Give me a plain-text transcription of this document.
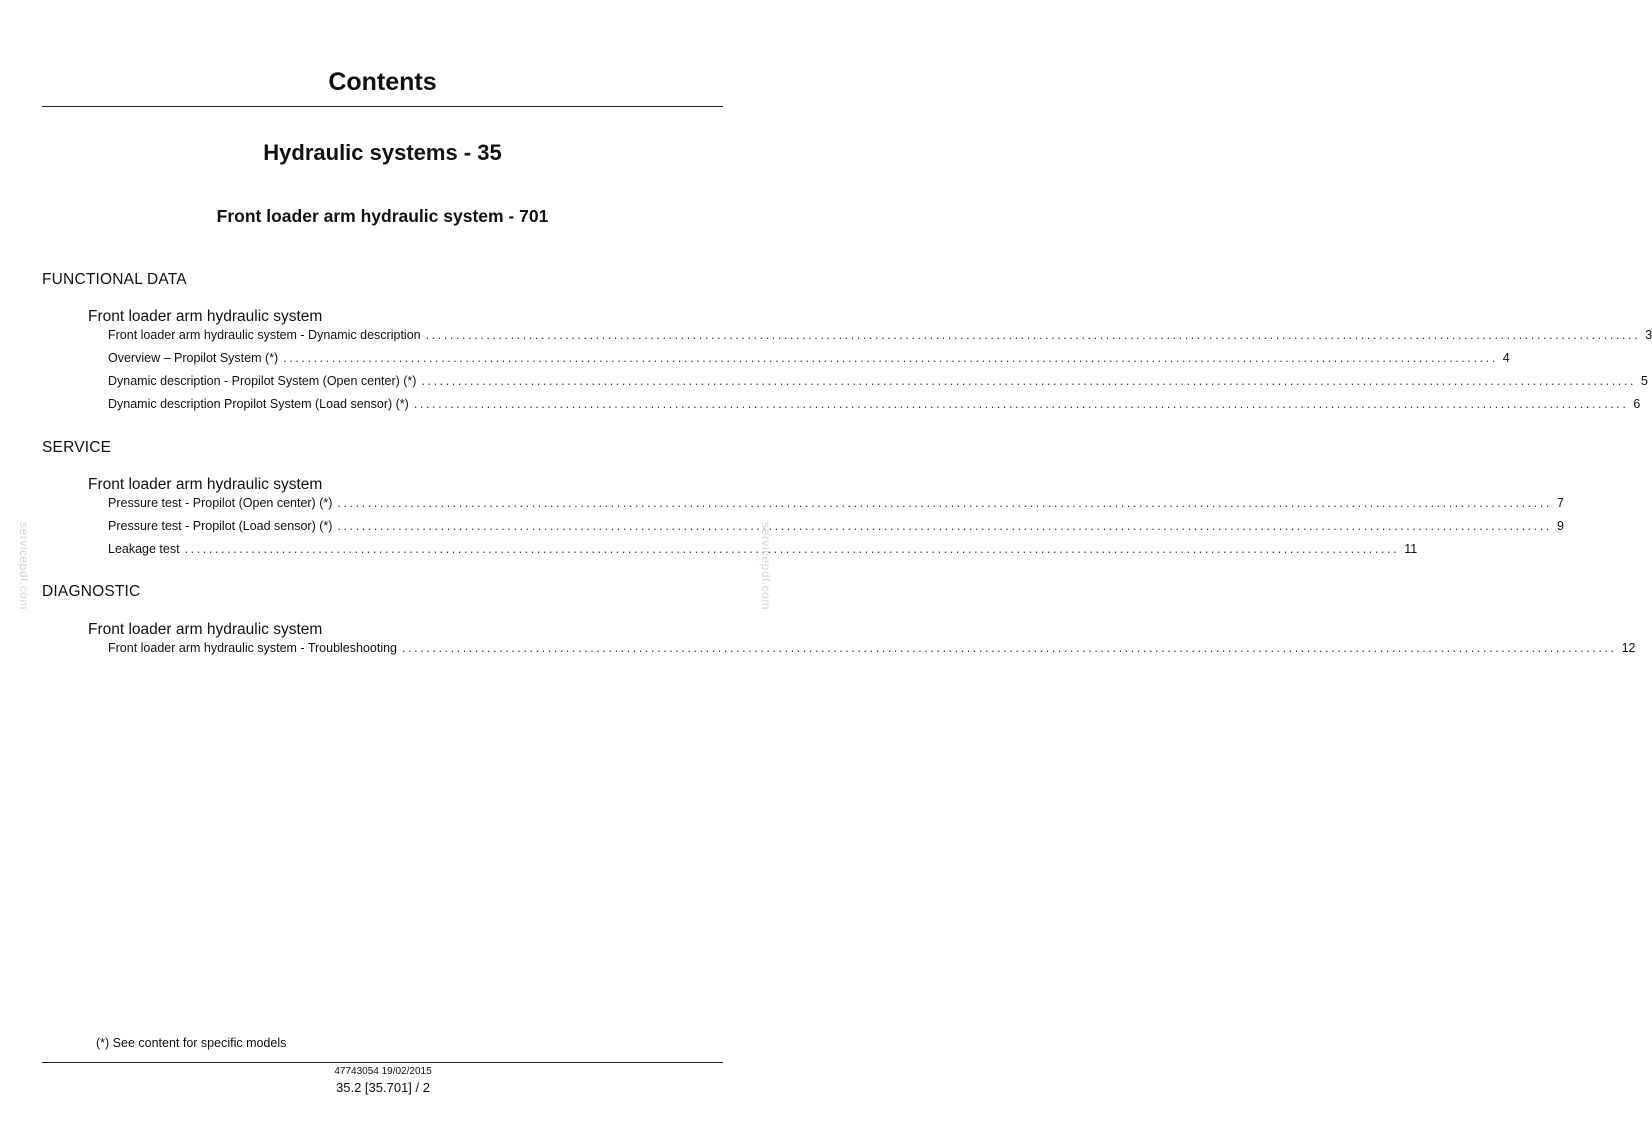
Contents
Hydraulic systems - 35
Front loader arm hydraulic system - 701
FUNCTIONAL DATA
Front loader arm hydraulic system
Front loader arm hydraulic system - Dynamic description ........................................................................................................................................................................................................ 3
Overview – Propilot System (*) ........................................................................................................................................................................................................ 4
Dynamic description - Propilot System (Open center) (*) ........................................................................................................................................................................................................ 5
Dynamic description Propilot System (Load sensor) (*) ........................................................................................................................................................................................................ 6
SERVICE
Front loader arm hydraulic system
Pressure test - Propilot (Open center) (*) ........................................................................................................................................................................................................ 7
Pressure test - Propilot (Load sensor) (*) ........................................................................................................................................................................................................ 9
Leakage test ........................................................................................................................................................................................................ 11
DIAGNOSTIC
Front loader arm hydraulic system
Front loader arm hydraulic system - Troubleshooting ........................................................................................................................................................................................................ 12
servicepdf.com	servicepdf.com
(*) See content for specific models
47743054 19/02/2015
35.2 [35.701] / 2
